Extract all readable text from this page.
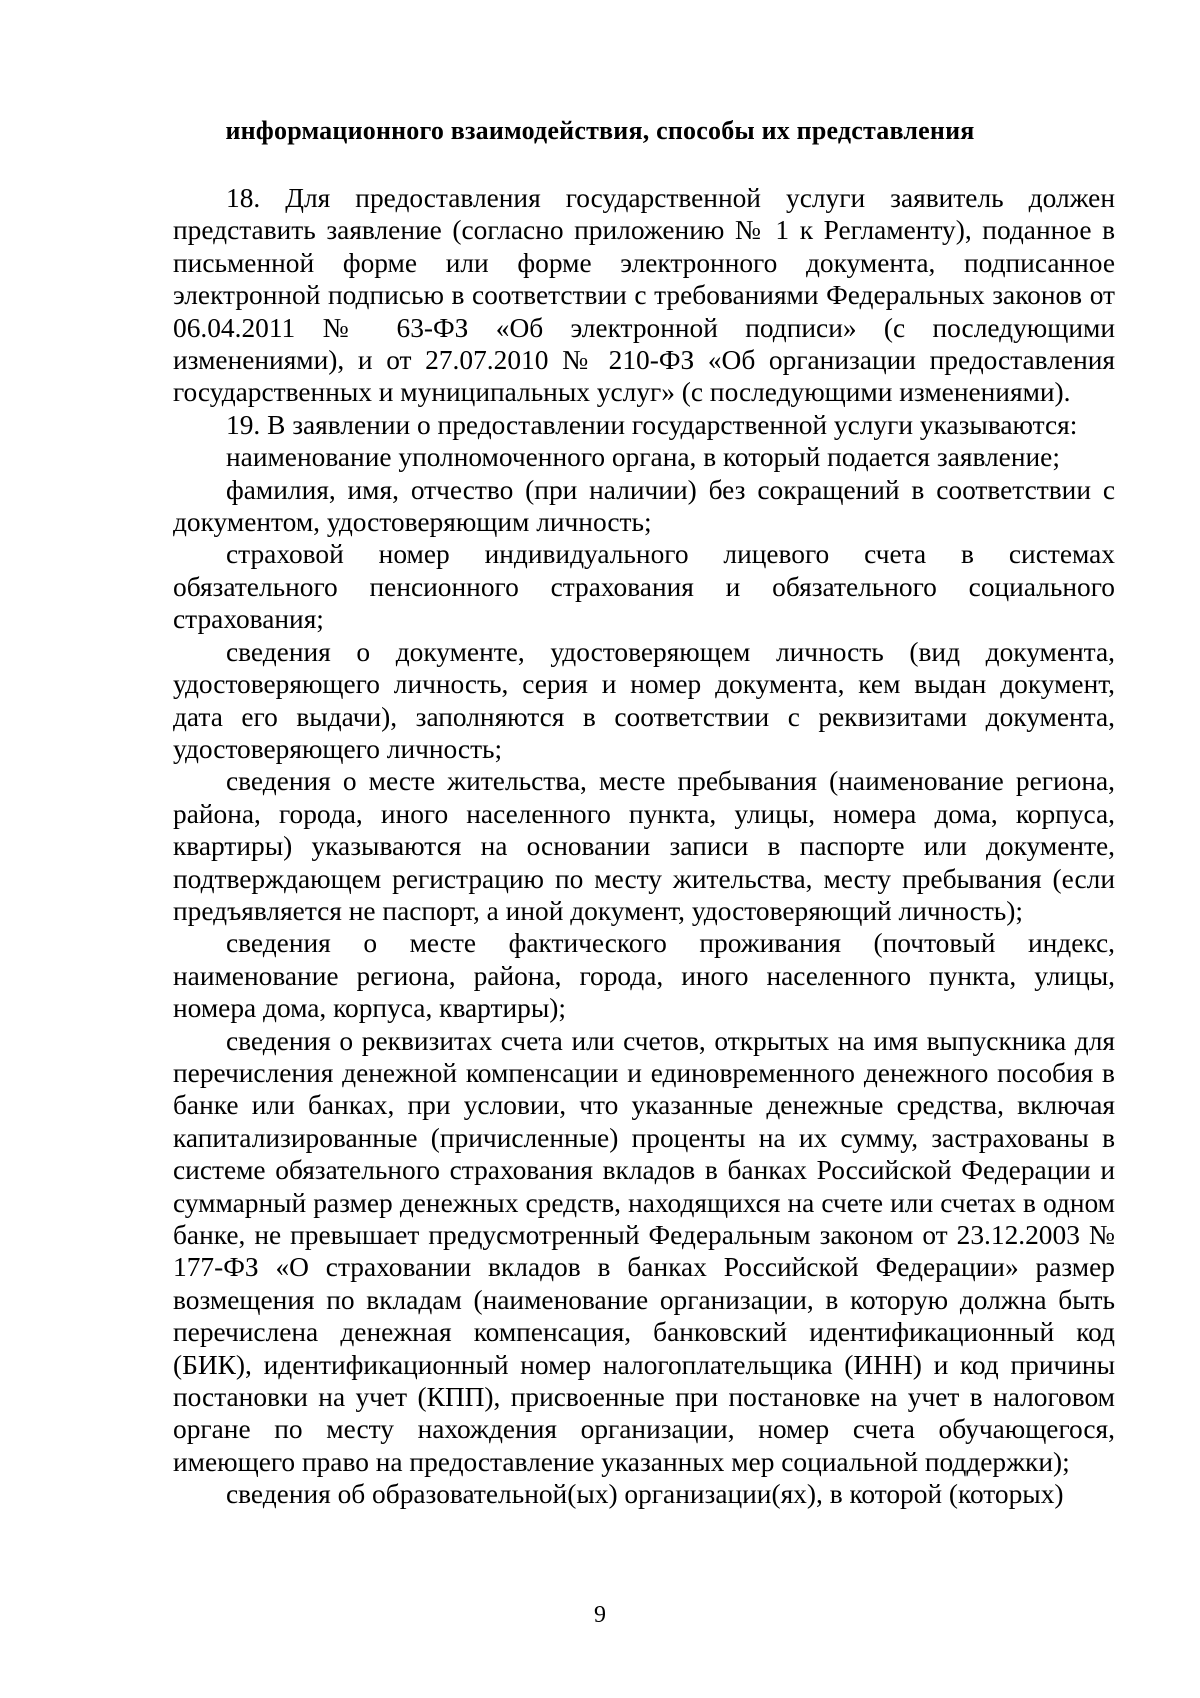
информационного взаимодействия, способы их представления

18. Для предоставления государственной услуги заявитель должен представить заявление (согласно приложению № 1 к Регламенту), поданное в письменной форме или форме электронного документа, подписанное электронной подписью в соответствии с требованиями Федеральных законов от 06.04.2011 № 63-ФЗ «Об электронной подписи» (с последующими изменениями), и от 27.07.2010 № 210-ФЗ «Об организации предоставления государственных и муниципальных услуг» (с последующими изменениями).

19. В заявлении о предоставлении государственной услуги указываются:

наименование уполномоченного органа, в который подается заявление;

фамилия, имя, отчество (при наличии) без сокращений в соответствии с документом, удостоверяющим личность;

страховой номер индивидуального лицевого счета в системах обязательного пенсионного страхования и обязательного социального страхования;

сведения о документе, удостоверяющем личность (вид документа, удостоверяющего личность, серия и номер документа, кем выдан документ, дата его выдачи), заполняются в соответствии с реквизитами документа, удостоверяющего личность;

сведения о месте жительства, месте пребывания (наименование региона, района, города, иного населенного пункта, улицы, номера дома, корпуса, квартиры) указываются на основании записи в паспорте или документе, подтверждающем регистрацию по месту жительства, месту пребывания (если предъявляется не паспорт, а иной документ, удостоверяющий личность);

сведения о месте фактического проживания (почтовый индекс, наименование региона, района, города, иного населенного пункта, улицы, номера дома, корпуса, квартиры);

сведения о реквизитах счета или счетов, открытых на имя выпускника для перечисления денежной компенсации и единовременного денежного пособия в банке или банках, при условии, что указанные денежные средства, включая капитализированные (причисленные) проценты на их сумму, застрахованы в системе обязательного страхования вкладов в банках Российской Федерации и суммарный размер денежных средств, находящихся на счете или счетах в одном банке, не превышает предусмотренный Федеральным законом от 23.12.2003 № 177-ФЗ «О страховании вкладов в банках Российской Федерации» размер возмещения по вкладам (наименование организации, в которую должна быть перечислена денежная компенсация, банковский идентификационный код (БИК), идентификационный номер налогоплательщика (ИНН) и код причины постановки на учет (КПП), присвоенные при постановке на учет в налоговом органе по месту нахождения организации, номер счета обучающегося, имеющего право на предоставление указанных мер социальной поддержки);

сведения об образовательной(ых) организации(ях), в которой (которых)

9
